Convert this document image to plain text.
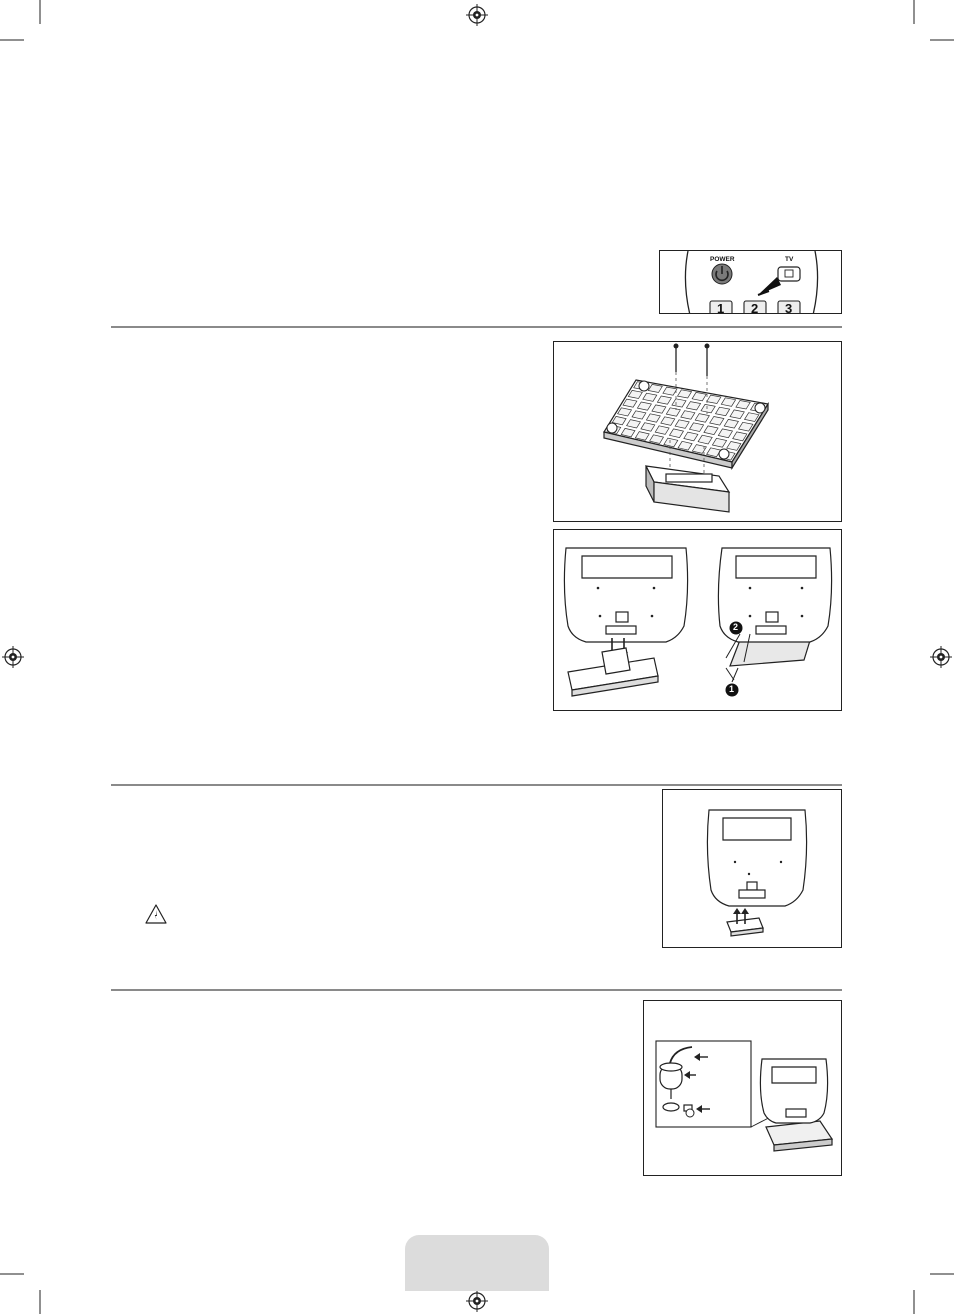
POWER	TV
1 2 3
2
1
